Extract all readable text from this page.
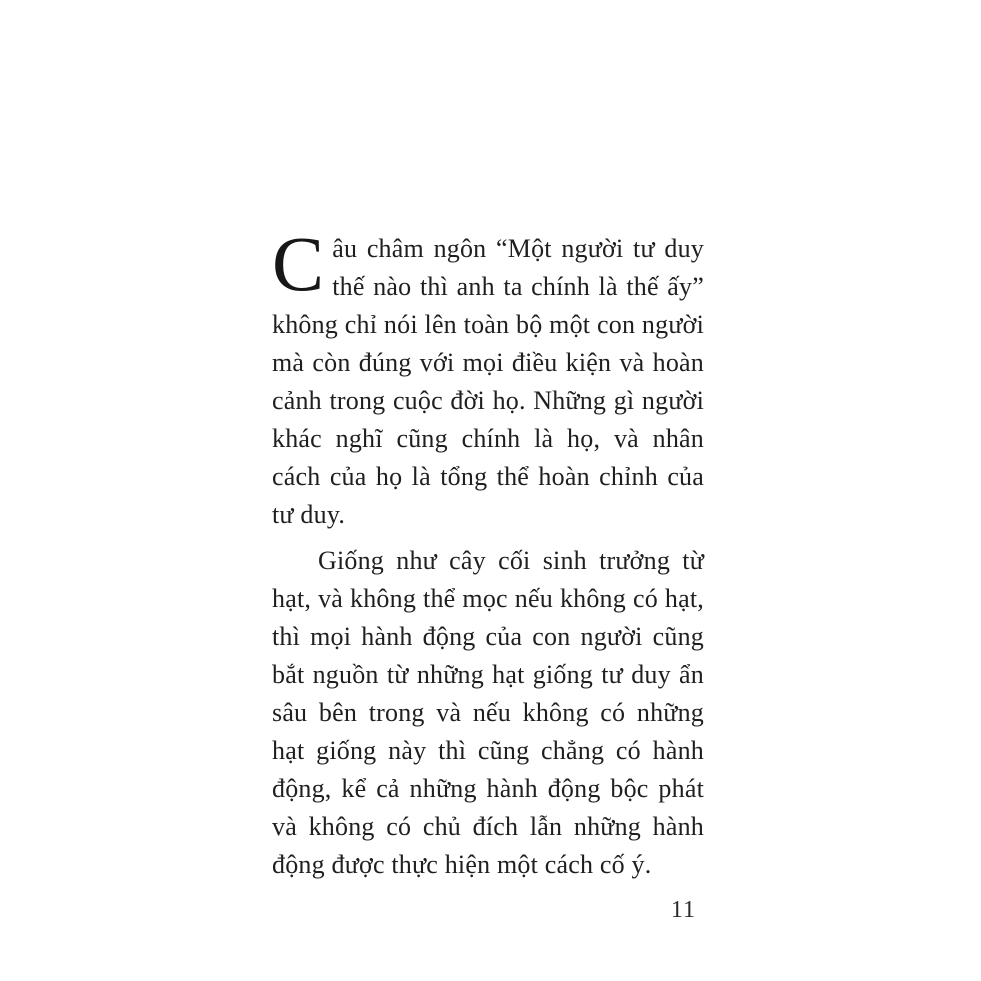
Câu châm ngôn “Một người tư duy thế nào thì anh ta chính là thế ấy” không chỉ nói lên toàn bộ một con người mà còn đúng với mọi điều kiện và hoàn cảnh trong cuộc đời họ. Những gì người khác nghĩ cũng chính là họ, và nhân cách của họ là tổng thể hoàn chỉnh của tư duy.

Giống như cây cối sinh trưởng từ hạt, và không thể mọc nếu không có hạt, thì mọi hành động của con người cũng bắt nguồn từ những hạt giống tư duy ẩn sâu bên trong và nếu không có những hạt giống này thì cũng chẳng có hành động, kể cả những hành động bộc phát và không có chủ đích lẫn những hành động được thực hiện một cách cố ý.

11
